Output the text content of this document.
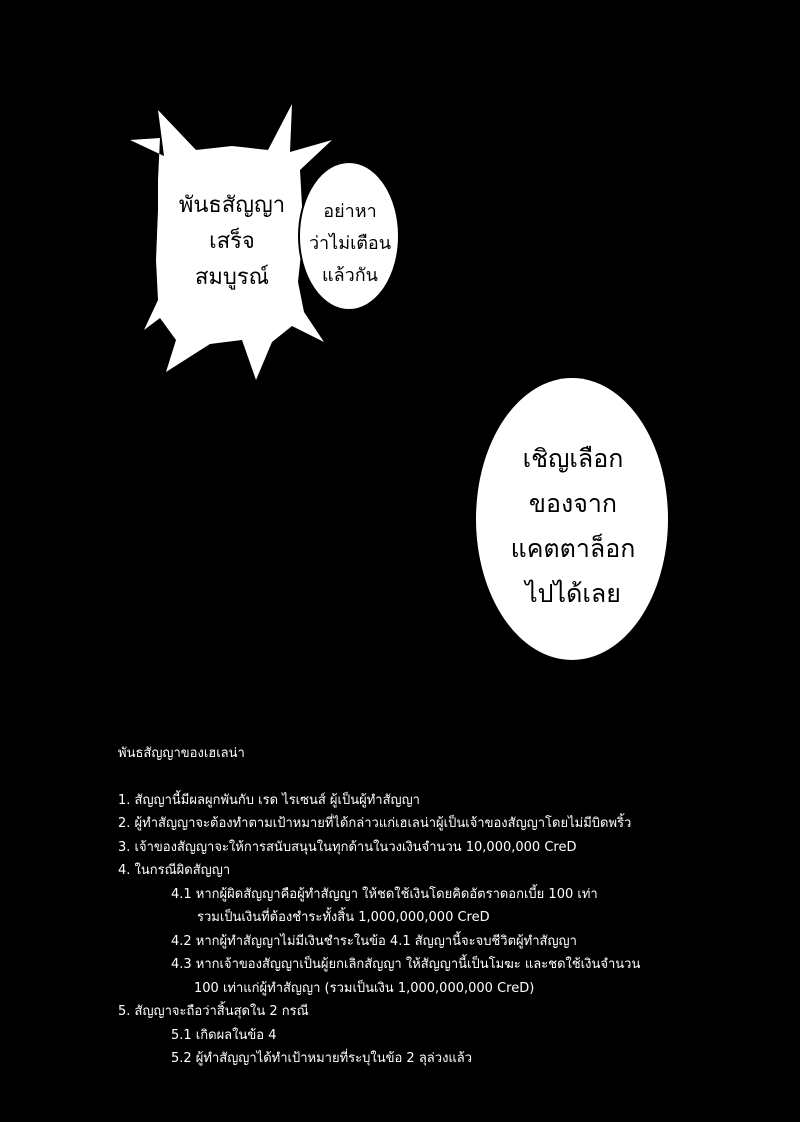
พันธสัญญา
เสร็จ
สมบูรณ์
อย่าหา
ว่าไม่เตือน
แล้วกัน
เชิญเลือก
ของจาก
แคตตาล็อก
ไปได้เลย
พันธสัญญาของเฮเลน่า
1. สัญญานี้มีผลผูกพันกับ เรด ไรเซนส์ ผู้เป็นผู้ทำสัญญา
2. ผู้ทำสัญญาจะต้องทำตามเป้าหมายที่ได้กล่าวแก่เฮเลน่าผู้เป็นเจ้าของสัญญาโดยไม่มีบิดพริ้ว
3. เจ้าของสัญญาจะให้การสนับสนุนในทุกด้านในวงเงินจำนวน 10,000,000 CreD
4. ในกรณีผิดสัญญา
4.1 หากผู้ผิดสัญญาคือผู้ทำสัญญา ให้ชดใช้เงินโดยคิดอัตราดอกเบี้ย 100 เท่า
รวมเป็นเงินที่ต้องชำระทั้งสิ้น 1,000,000,000 CreD
4.2 หากผู้ทำสัญญาไม่มีเงินชำระในข้อ 4.1 สัญญานี้จะจบชีวิตผู้ทำสัญญา
4.3 หากเจ้าของสัญญาเป็นผู้ยกเลิกสัญญา ให้สัญญานี้เป็นโมฆะ และชดใช้เงินจำนวน
100 เท่าแก่ผู้ทำสัญญา (รวมเป็นเงิน 1,000,000,000 CreD)
5. สัญญาจะถือว่าสิ้นสุดใน 2 กรณี
5.1 เกิดผลในข้อ 4
5.2 ผู้ทำสัญญาได้ทำเป้าหมายที่ระบุในข้อ 2 ลุล่วงแล้ว
